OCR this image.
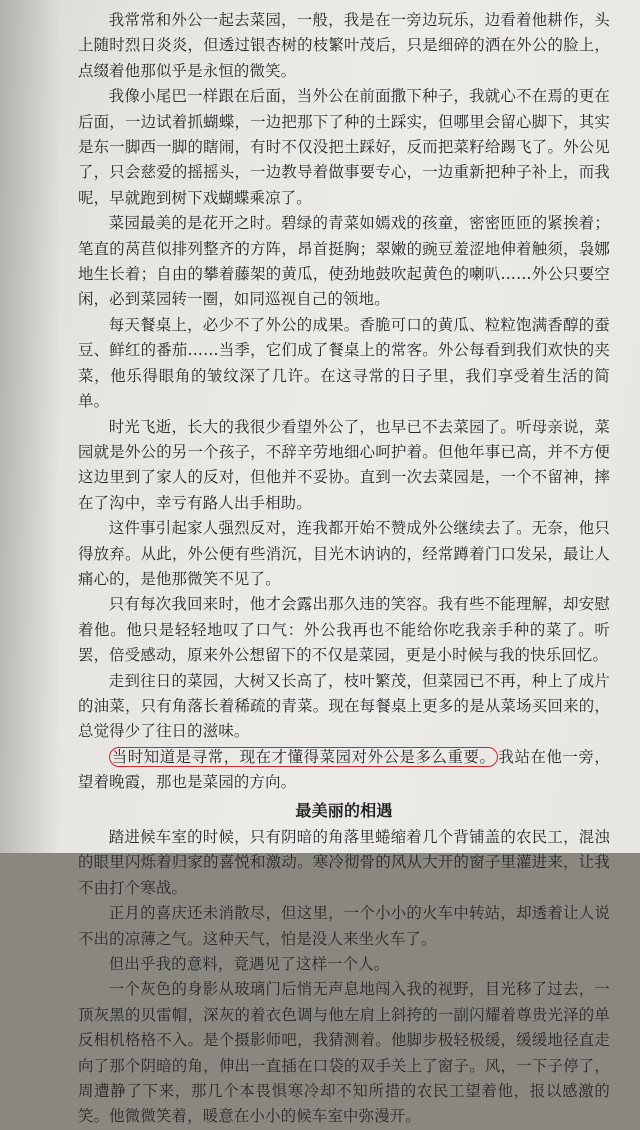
我常常和外公一起去菜园，一般，我是在一旁边玩乐，边看着他耕作，头上随时烈日炎炎，但透过银杏树的枝繁叶茂后，只是细碎的洒在外公的脸上，点缀着他那似乎是永恒的微笑。

我像小尾巴一样跟在后面，当外公在前面撒下种子，我就心不在焉的更在后面，一边试着抓蝴蝶，一边把那下了种的土踩实，但哪里会留心脚下，其实是东一脚西一脚的瞎闹，有时不仅没把土踩好，反而把菜籽给踢飞了。外公见了，只会慈爱的摇摇头，一边教导着做事要专心，一边重新把种子补上，而我呢，早就跑到树下戏蝴蝶乘凉了。

菜园最美的是花开之时。碧绿的青菜如嫣戏的孩童，密密匝匝的紧挨着；笔直的莴苣似排列整齐的方阵，昂首挺胸；翠嫩的豌豆羞涩地伸着触须，袅娜地生长着；自由的攀着藤架的黄瓜，使劲地鼓吹起黄色的喇叭……外公只要空闲，必到菜园转一圈，如同巡视自己的领地。

每天餐桌上，必少不了外公的成果。香脆可口的黄瓜、粒粒饱满香醇的蚕豆、鲜红的番茄……当季，它们成了餐桌上的常客。外公每看到我们欢快的夹菜，他乐得眼角的皱纹深了几许。在这寻常的日子里，我们享受着生活的简单。

时光飞逝，长大的我很少看望外公了，也早已不去菜园了。听母亲说，菜园就是外公的另一个孩子，不辞辛劳地细心呵护着。但他年事已高，并不方便这边里到了家人的反对，但他并不妥协。直到一次去菜园是，一个不留神，摔在了沟中，幸亏有路人出手相助。

这件事引起家人强烈反对，连我都开始不赞成外公继续去了。无奈，他只得放弃。从此，外公便有些消沉，目光木讷讷的，经常蹲着门口发呆，最让人痛心的，是他那微笑不见了。

只有每次我回来时，他才会露出那久违的笑容。我有些不能理解，却安慰着他。他只是轻轻地叹了口气：外公我再也不能给你吃我亲手种的菜了。听罢，倍受感动，原来外公想留下的不仅是菜园，更是小时候与我的快乐回忆。

走到往日的菜园，大树又长高了，枝叶繁茂，但菜园已不再，种上了成片的油菜，只有角落长着稀疏的青菜。现在每餐桌上更多的是从菜场买回来的，总觉得少了往日的滋味。

当时知道是寻常，现在才懂得菜园对外公是多么重要。 我站在他一旁，望着晚霞，那也是菜园的方向。

最美丽的相遇

踏进候车室的时候，只有阴暗的角落里蜷缩着几个背铺盖的农民工，混浊的眼里闪烁着归家的喜悦和激动。寒冷彻骨的风从大开的窗子里灌进来，让我不由打个寒战。

正月的喜庆还未消散尽，但这里，一个小小的火车中转站，却透着让人说不出的凉薄之气。这种天气，怕是没人来坐火车了。

但出乎我的意料，竟遇见了这样一个人。

一个灰色的身影从玻璃门后悄无声息地闯入我的视野，目光移了过去，一顶灰黑的贝雷帽，深灰的着衣色调与他左肩上斜挎的一副闪耀着尊贵光泽的单反相机格格不入。是个摄影师吧，我猜测着。他脚步极轻极缓，缓缓地径直走向了那个阴暗的角，伸出一直插在口袋的双手关上了窗子。风，一下子停了，周遭静了下来，那几个本畏惧寒冷却不知所措的农民工望着他，报以感激的笑。他微微笑着，暖意在小小的候车室中弥漫开。
